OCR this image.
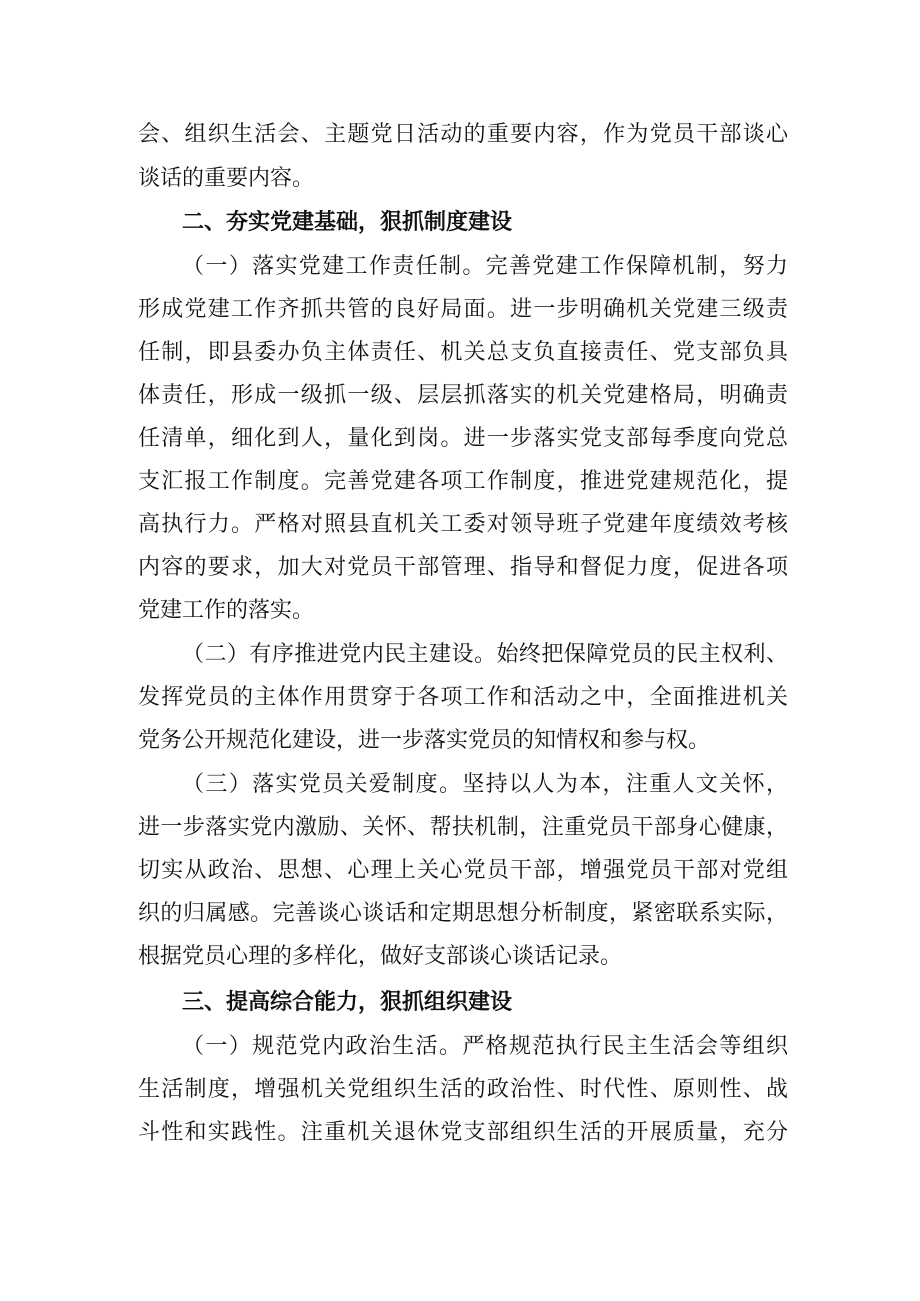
会、组织生活会、主题党日活动的重要内容，作为党员干部谈心
谈话的重要内容。
二、夯实党建基础，狠抓制度建设
（一）落实党建工作责任制。完善党建工作保障机制，努力
形成党建工作齐抓共管的良好局面。进一步明确机关党建三级责
任制，即县委办负主体责任、机关总支负直接责任、党支部负具
体责任，形成一级抓一级、层层抓落实的机关党建格局，明确责
任清单，细化到人，量化到岗。进一步落实党支部每季度向党总
支汇报工作制度。完善党建各项工作制度，推进党建规范化，提
高执行力。严格对照县直机关工委对领导班子党建年度绩效考核
内容的要求，加大对党员干部管理、指导和督促力度，促进各项
党建工作的落实。
（二）有序推进党内民主建设。始终把保障党员的民主权利、
发挥党员的主体作用贯穿于各项工作和活动之中，全面推进机关
党务公开规范化建设，进一步落实党员的知情权和参与权。
（三）落实党员关爱制度。坚持以人为本，注重人文关怀，
进一步落实党内激励、关怀、帮扶机制，注重党员干部身心健康，
切实从政治、思想、心理上关心党员干部，增强党员干部对党组
织的归属感。完善谈心谈话和定期思想分析制度，紧密联系实际，
根据党员心理的多样化，做好支部谈心谈话记录。
三、提高综合能力，狠抓组织建设
（一）规范党内政治生活。严格规范执行民主生活会等组织
生活制度，增强机关党组织生活的政治性、时代性、原则性、战
斗性和实践性。注重机关退休党支部组织生活的开展质量，充分
